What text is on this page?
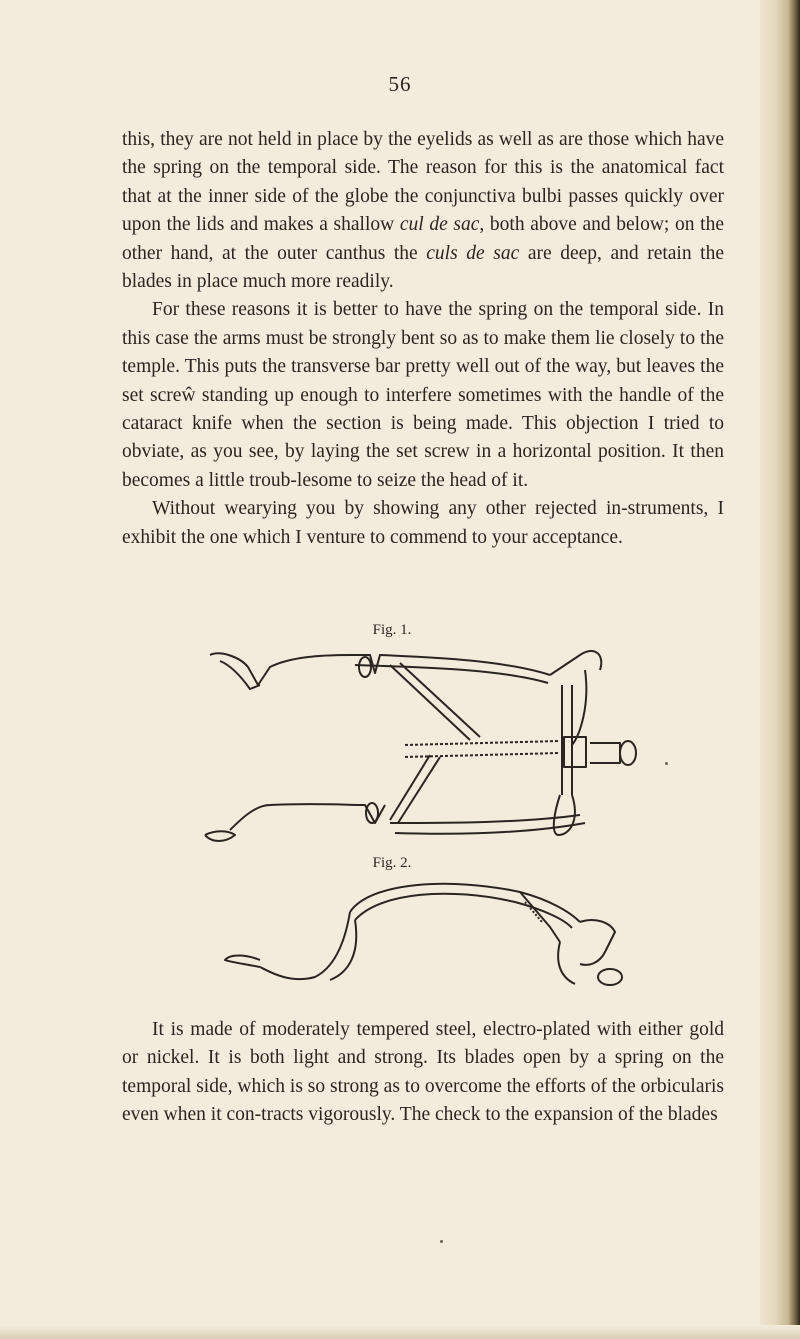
56

this, they are not held in place by the eyelids as well as are those which have the spring on the temporal side. The reason for this is the anatomical fact that at the inner side of the globe the conjunctiva bulbi passes quickly over upon the lids and makes a shallow cul de sac, both above and below; on the other hand, at the outer canthus the culs de sac are deep, and retain the blades in place much more readily.

For these reasons it is better to have the spring on the temporal side. In this case the arms must be strongly bent so as to make them lie closely to the temple. This puts the transverse bar pretty well out of the way, but leaves the set screŵ standing up enough to interfere sometimes with the handle of the cataract knife when the section is being made. This objection I tried to obviate, as you see, by laying the set screw in a horizontal position. It then becomes a little troub-lesome to seize the head of it.

Without wearying you by showing any other rejected in-struments, I exhibit the one which I venture to commend to your acceptance.

Fig. 1.
Fig. 2.

It is made of moderately tempered steel, electro-plated with either gold or nickel. It is both light and strong. Its blades open by a spring on the temporal side, which is so strong as to overcome the efforts of the orbicularis even when it con-tracts vigorously. The check to the expansion of the blades
